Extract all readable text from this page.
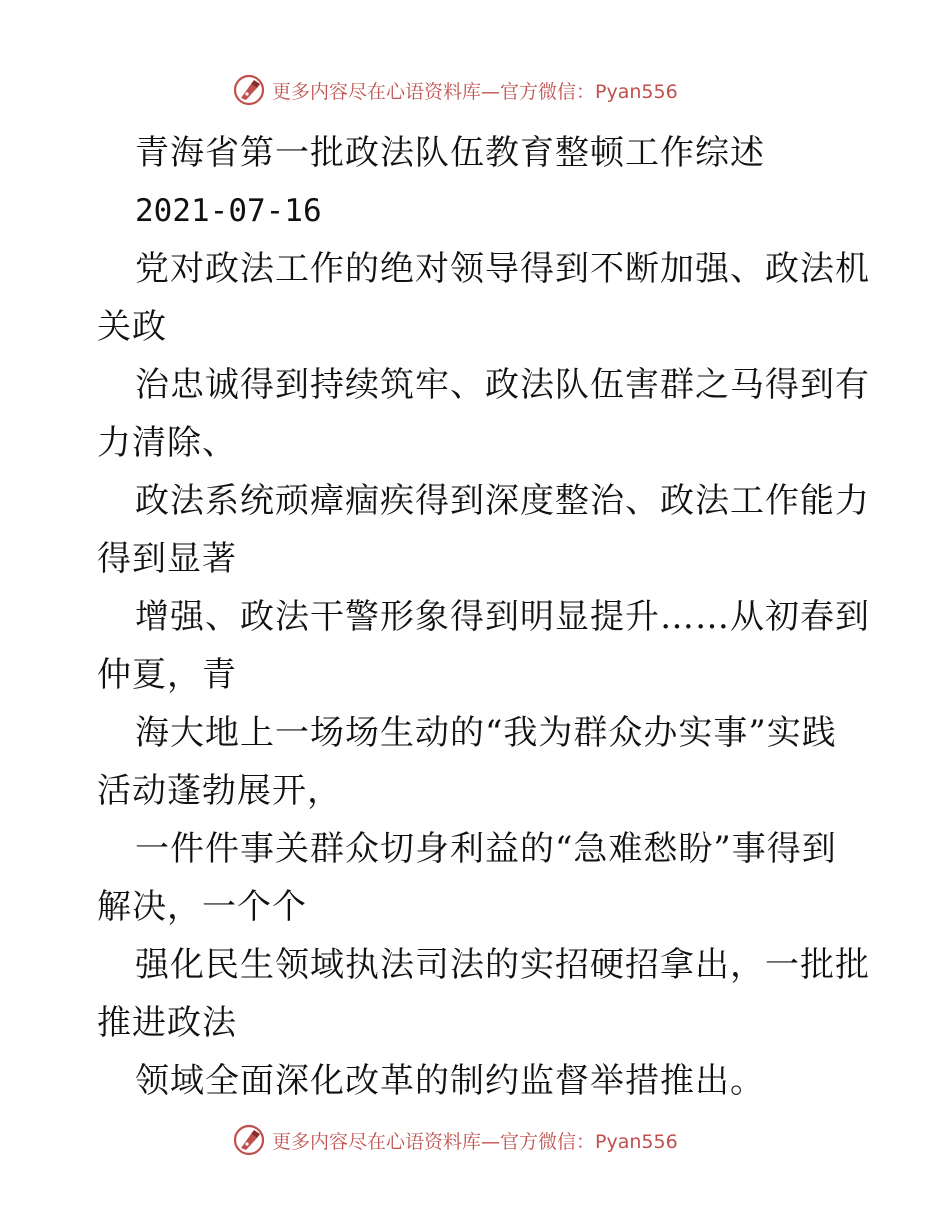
更多内容尽在心语资料库—官方微信：Pyan556
青海省第一批政法队伍教育整顿工作综述
2021-07-16
党对政法工作的绝对领导得到不断加强、政法机
关政
治忠诚得到持续筑牢、政法队伍害群之马得到有
力清除、
政法系统顽瘴痼疾得到深度整治、政法工作能力
得到显著
增强、政法干警形象得到明显提升……从初春到
仲夏，青
海大地上一场场生动的“我为群众办实事”实践
活动蓬勃展开，
一件件事关群众切身利益的“急难愁盼”事得到
解决，一个个
强化民生领域执法司法的实招硬招拿出，一批批
推进政法
领域全面深化改革的制约监督举措推出。
更多内容尽在心语资料库—官方微信：Pyan556
